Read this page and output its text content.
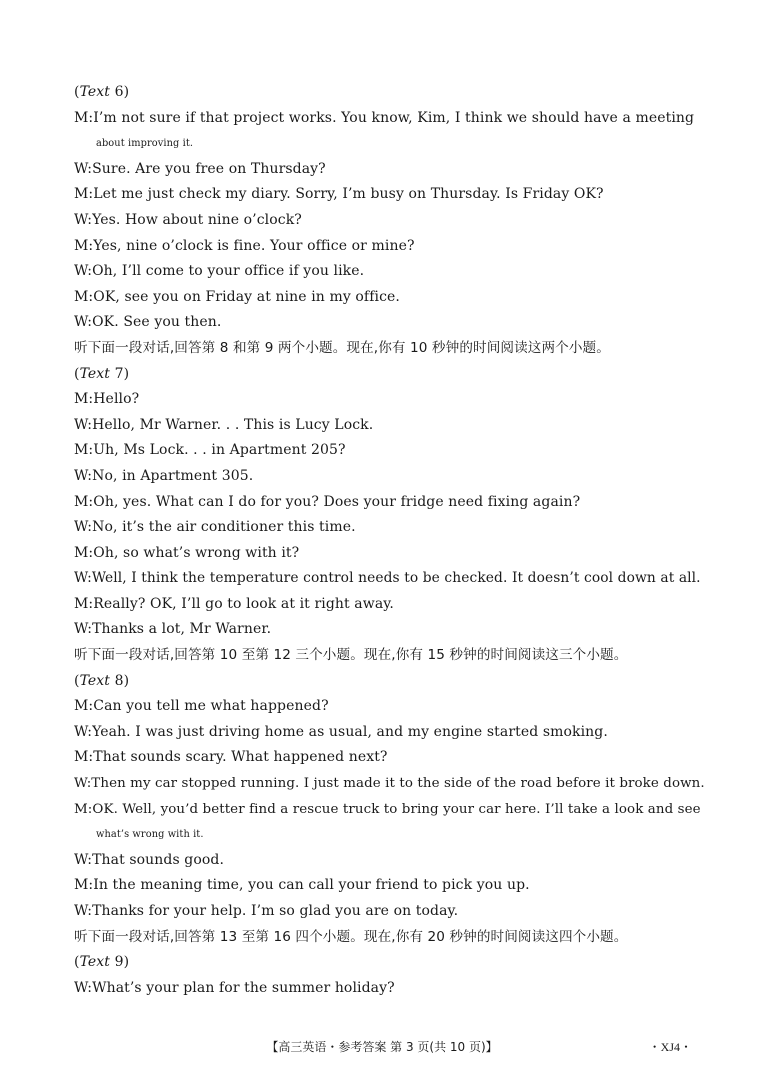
(Text 6)
M:I’m not sure if that project works. You know, Kim, I think we should have a meeting
about improving it.
W:Sure. Are you free on Thursday?
M:Let me just check my diary. Sorry, I’m busy on Thursday. Is Friday OK?
W:Yes. How about nine o’clock?
M:Yes, nine o’clock is fine. Your office or mine?
W:Oh, I’ll come to your office if you like.
M:OK, see you on Friday at nine in my office.
W:OK. See you then.
听下面一段对话,回答第 8 和第 9 两个小题。现在,你有 10 秒钟的时间阅读这两个小题。
(Text 7)
M:Hello?
W:Hello, Mr Warner. . . This is Lucy Lock.
M:Uh, Ms Lock. . . in Apartment 205?
W:No, in Apartment 305.
M:Oh, yes. What can I do for you? Does your fridge need fixing again?
W:No, it’s the air conditioner this time.
M:Oh, so what’s wrong with it?
W:Well, I think the temperature control needs to be checked. It doesn’t cool down at all.
M:Really? OK, I’ll go to look at it right away.
W:Thanks a lot, Mr Warner.
听下面一段对话,回答第 10 至第 12 三个小题。现在,你有 15 秒钟的时间阅读这三个小题。
(Text 8)
M:Can you tell me what happened?
W:Yeah. I was just driving home as usual, and my engine started smoking.
M:That sounds scary. What happened next?
W:Then my car stopped running. I just made it to the side of the road before it broke down.
M:OK. Well, you’d better find a rescue truck to bring your car here. I’ll take a look and see
what’s wrong with it.
W:That sounds good.
M:In the meaning time, you can call your friend to pick you up.
W:Thanks for your help. I’m so glad you are on today.
听下面一段对话,回答第 13 至第 16 四个小题。现在,你有 20 秒钟的时间阅读这四个小题。
(Text 9)
W:What’s your plan for the summer holiday?
【高三英语・参考答案 第 3 页(共 10 页)】	・XJ4・
